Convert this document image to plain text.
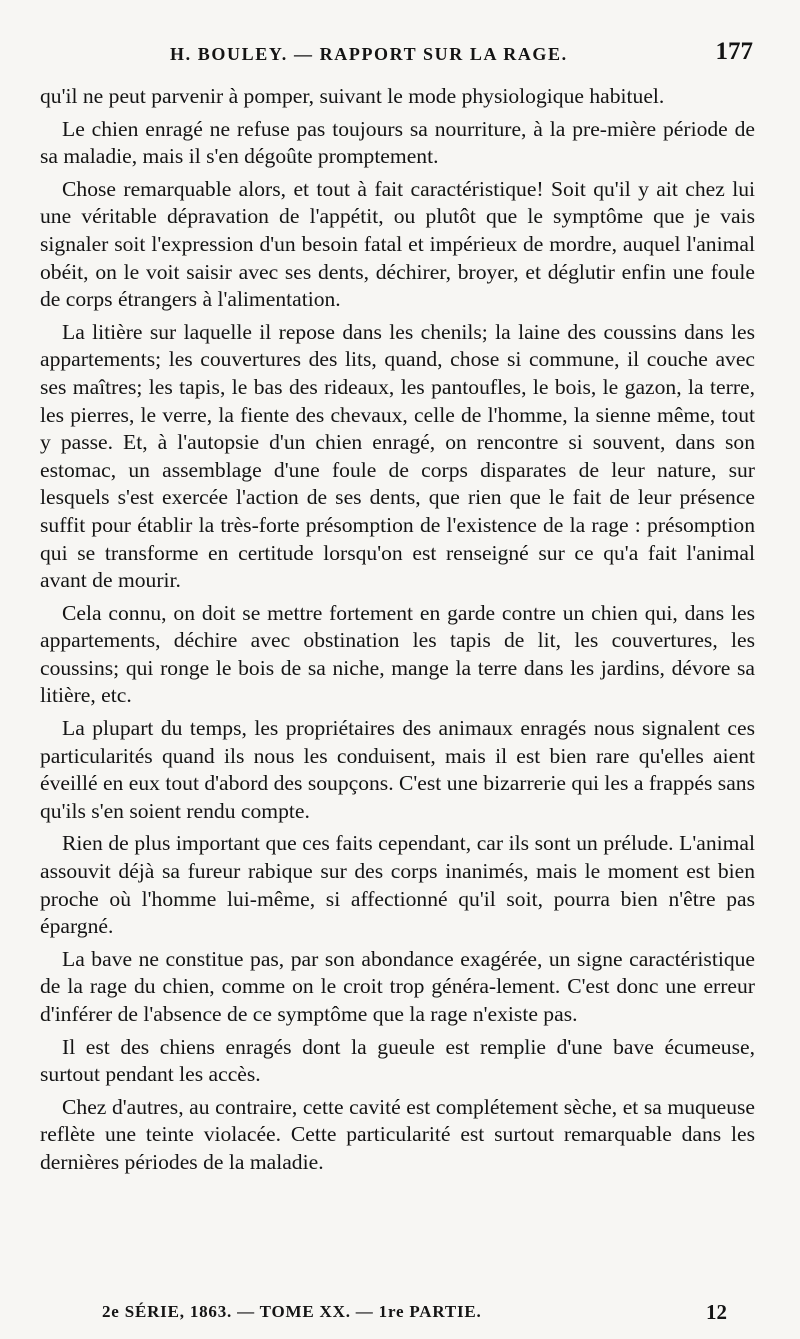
H. BOULEY. — RAPPORT SUR LA RAGE.	177

qu'il ne peut parvenir à pomper, suivant le mode physiologique habituel.

Le chien enragé ne refuse pas toujours sa nourriture, à la pre-mière période de sa maladie, mais il s'en dégoûte promptement.

Chose remarquable alors, et tout à fait caractéristique! Soit qu'il y ait chez lui une véritable dépravation de l'appétit, ou plutôt que le symptôme que je vais signaler soit l'expression d'un besoin fatal et impérieux de mordre, auquel l'animal obéit, on le voit saisir avec ses dents, déchirer, broyer, et déglutir enfin une foule de corps étrangers à l'alimentation.

La litière sur laquelle il repose dans les chenils; la laine des coussins dans les appartements; les couvertures des lits, quand, chose si commune, il couche avec ses maîtres; les tapis, le bas des rideaux, les pantoufles, le bois, le gazon, la terre, les pierres, le verre, la fiente des chevaux, celle de l'homme, la sienne même, tout y passe. Et, à l'autopsie d'un chien enragé, on rencontre si souvent, dans son estomac, un assemblage d'une foule de corps disparates de leur nature, sur lesquels s'est exercée l'action de ses dents, que rien que le fait de leur présence suffit pour établir la très-forte présomption de l'existence de la rage : présomption qui se transforme en certitude lorsqu'on est renseigné sur ce qu'a fait l'animal avant de mourir.

Cela connu, on doit se mettre fortement en garde contre un chien qui, dans les appartements, déchire avec obstination les tapis de lit, les couvertures, les coussins; qui ronge le bois de sa niche, mange la terre dans les jardins, dévore sa litière, etc.

La plupart du temps, les propriétaires des animaux enragés nous signalent ces particularités quand ils nous les conduisent, mais il est bien rare qu'elles aient éveillé en eux tout d'abord des soupçons. C'est une bizarrerie qui les a frappés sans qu'ils s'en soient rendu compte.

Rien de plus important que ces faits cependant, car ils sont un prélude. L'animal assouvit déjà sa fureur rabique sur des corps inanimés, mais le moment est bien proche où l'homme lui-même, si affectionné qu'il soit, pourra bien n'être pas épargné.

La bave ne constitue pas, par son abondance exagérée, un signe caractéristique de la rage du chien, comme on le croit trop généra-lement. C'est donc une erreur d'inférer de l'absence de ce symptôme que la rage n'existe pas.

Il est des chiens enragés dont la gueule est remplie d'une bave écumeuse, surtout pendant les accès.

Chez d'autres, au contraire, cette cavité est complétement sèche, et sa muqueuse reflète une teinte violacée. Cette particularité est surtout remarquable dans les dernières périodes de la maladie.

2e SÉRIE, 1863. — TOME XX. — 1re PARTIE.	12
